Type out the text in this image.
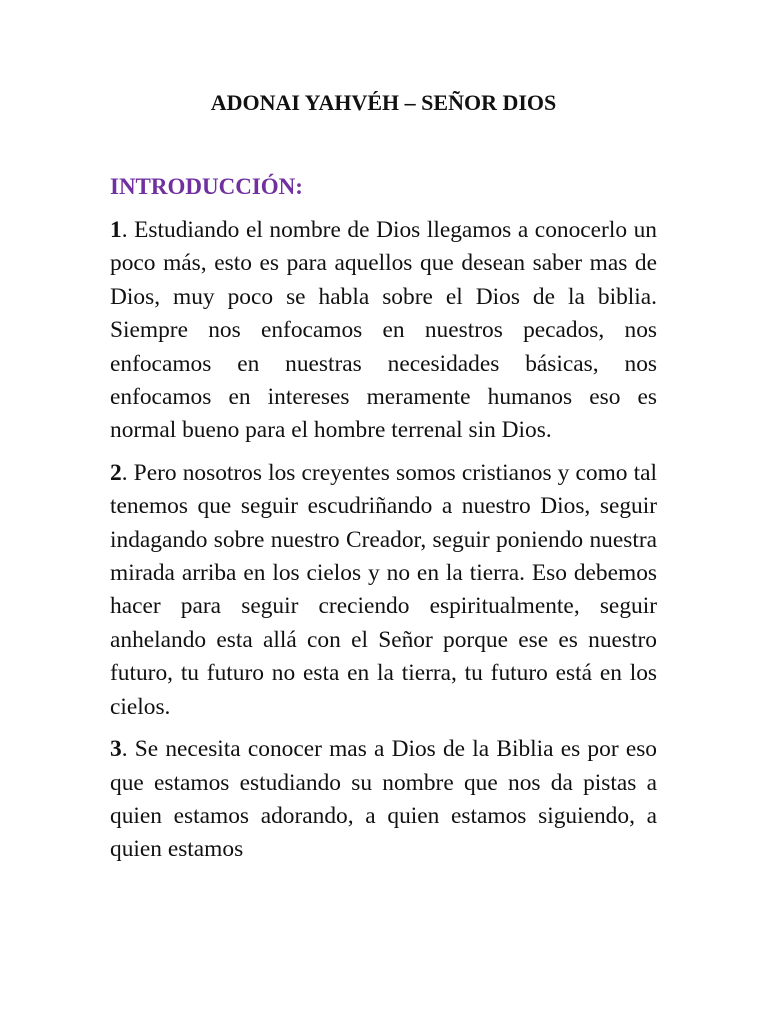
ADONAI YAHVÉH – SEÑOR DIOS
INTRODUCCIÓN:

1. Estudiando el nombre de Dios llegamos a conocerlo un poco más, esto es para aquellos que desean saber mas de Dios, muy poco se habla sobre el Dios de la biblia. Siempre nos enfocamos en nuestros pecados, nos enfocamos en nuestras necesidades básicas, nos enfocamos en intereses meramente humanos eso es normal bueno para el hombre terrenal sin Dios.

2. Pero nosotros los creyentes somos cristianos y como tal tenemos que seguir escudriñando a nuestro Dios, seguir indagando sobre nuestro Creador, seguir poniendo nuestra mirada arriba en los cielos y no en la tierra. Eso debemos hacer para seguir creciendo espiritualmente, seguir anhelando esta allá con el Señor porque ese es nuestro futuro, tu futuro no esta en la tierra, tu futuro está en los cielos.

3. Se necesita conocer mas a Dios de la Biblia es por eso que estamos estudiando su nombre que nos da pistas a quien estamos adorando, a quien estamos siguiendo, a quien estamos
